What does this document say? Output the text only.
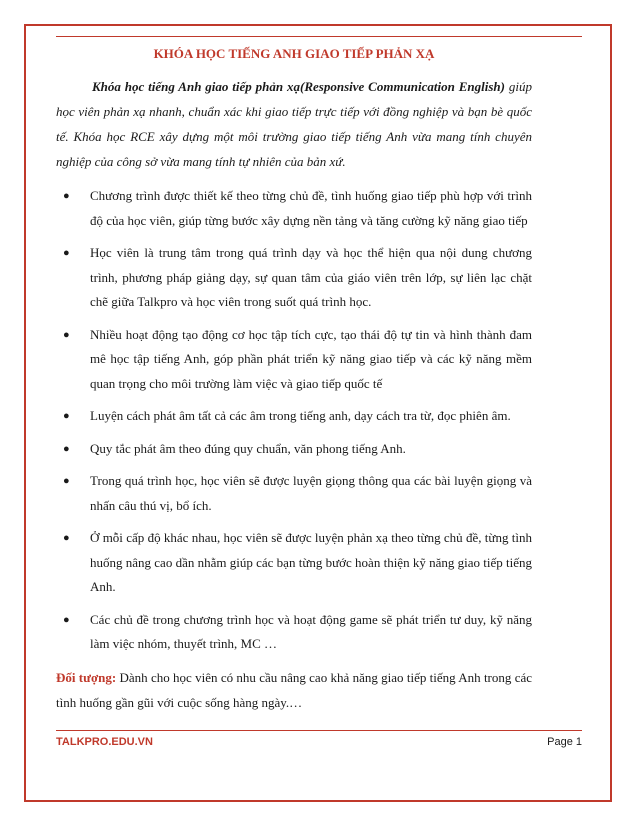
KHÓA HỌC TIẾNG ANH GIAO TIẾP PHẢN XẠ

Khóa học tiếng Anh giao tiếp phản xạ(Responsive Communication English) giúp học viên phản xạ nhanh, chuẩn xác khi giao tiếp trực tiếp với đồng nghiệp và bạn bè quốc tế. Khóa học RCE xây dựng một môi trường giao tiếp tiếng Anh vừa mang tính chuyên nghiệp của công sở vừa mang tính tự nhiên của bản xứ.

● Chương trình được thiết kế theo từng chủ đề, tình huống giao tiếp phù hợp với trình độ của học viên, giúp từng bước xây dựng nền tảng và tăng cường kỹ năng giao tiếp
● Học viên là trung tâm trong quá trình dạy và học thể hiện qua nội dung chương trình, phương pháp giảng dạy, sự quan tâm của giáo viên trên lớp, sự liên lạc chặt chẽ giữa Talkpro và học viên trong suốt quá trình học.
● Nhiều hoạt động tạo động cơ học tập tích cực, tạo thái độ tự tin và hình thành đam mê học tập tiếng Anh, góp phần phát triển kỹ năng giao tiếp và các kỹ năng mềm quan trọng cho môi trường làm việc và giao tiếp quốc tế
● Luyện cách phát âm tất cả các âm trong tiếng anh, dạy cách tra từ, đọc phiên âm.
● Quy tắc phát âm theo đúng quy chuẩn, văn phong tiếng Anh.
● Trong quá trình học, học viên sẽ được luyện giọng thông qua các bài luyện giọng và nhấn câu thú vị, bổ ích.
● Ở mỗi cấp độ khác nhau, học viên sẽ được luyện phản xạ theo từng chủ đề, từng tình huống nâng cao dần nhằm giúp các bạn từng bước hoàn thiện kỹ năng giao tiếp tiếng Anh.
● Các chủ đề trong chương trình học và hoạt động game sẽ phát triển tư duy, kỹ năng làm việc nhóm, thuyết trình, MC …

Đối tượng: Dành cho học viên có nhu cầu nâng cao khả năng giao tiếp tiếng Anh trong các tình huống gần gũi với cuộc sống hàng ngày.…

TALKPRO.EDU.VN	Page 1
